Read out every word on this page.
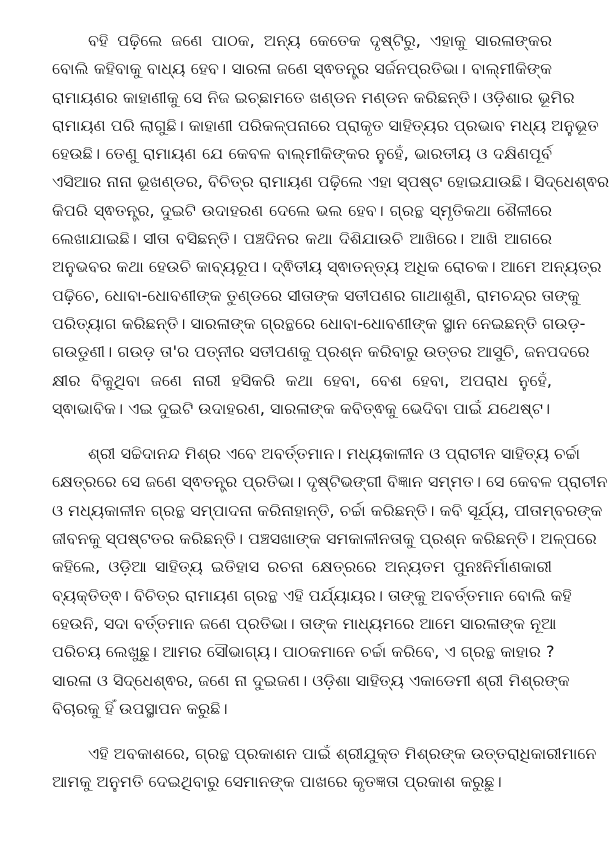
ବହି ପଢ଼ିଲେ ଜଣେ ପାଠକ, ଅନ୍ୟ କେତେକ ଦୃଷ୍ଟିରୁ, ଏହାକୁ ସାରଳାଙ୍କର
ବୋଲି କହିବାକୁ ବାଧ୍ୟ ହେବ। ସାରଳା ଜଣେ ସ୍ଵତନ୍ତ୍ର ସର୍ଜନପ୍ରତିଭା। ବାଲ୍ମୀକିଙ୍କ
ରାମାୟଣର କାହାଣୀକୁ ସେ ନିଜ ଇଚ୍ଛାମତେ ଖଣ୍ଡନ ମଣ୍ଡନ କରିଛନ୍ତି। ଓଡ଼ିଶାର ଭୂମିର
ରାମାୟଣ ପରି ଲାଗୁଛି। କାହାଣୀ ପରିକଳ୍ପନାରେ ପ୍ରାକୃତ ସାହିତ୍ୟର ପ୍ରଭାବ ମଧ୍ୟ ଅନୁଭୂତ
ହେଉଛି। ତେଣୁ ରାମାୟଣ ଯେ କେବଳ ବାଲ୍ମୀକିଙ୍କର ନୁହେଁ, ଭାରତୀୟ ଓ ଦକ୍ଷିଣପୂର୍ବ
ଏସିଆର ନାନା ଭୂଖଣ୍ଡର, ବିଚିତ୍ର ରାମାୟଣ ପଢ଼ିଲେ ଏହା ସ୍ପଷ୍ଟ ହୋଇଯାଉଛି। ସିଦ୍ଧେଶ୍ଵର
କିପରି ସ୍ଵତନ୍ତ୍ର, ଦୁଇଟି ଉଦାହରଣ ଦେଲେ ଭଲ ହେବ। ଗ୍ରନ୍ଥ ସ୍ମୃତିକଥା ଶୈଳୀରେ
ଲେଖାଯାଇଛି। ସୀତା ବସିଛନ୍ତି। ପଞ୍ଚଦିନର କଥା ଦିଶିଯାଉଚି ଆଖିରେ। ଆଖି ଆଗରେ
ଅନୁଭବର କଥା ହେଉଚି କାବ୍ୟରୂପ। ଦ୍ଵିତୀୟ ସ୍ଵାତନ୍ତ୍ୟ ଅଧିକ ରୋଚକ। ଆମେ ଅନ୍ୟତ୍ର
ପଢ଼ିଚେ, ଧୋବା-ଧୋବଣୀଙ୍କ ତୁଣ୍ଡରେ ସୀତାଙ୍କ ସତୀପଣର ଗାଥାଶୁଣି, ରାମଚନ୍ଦ୍ର ତାଙ୍କୁ
ପରିତ୍ୟାଗ କରିଛନ୍ତି। ସାରଳାଙ୍କ ଗ୍ରନ୍ଥରେ ଧୋବା-ଧୋବଣୀଙ୍କ ସ୍ଥାନ ନେଇଛନ୍ତି ଗଉଡ଼-
ଗଉଡୁଣୀ। ଗଉଡ଼ ତା'ର ପତ୍ନୀର ସତୀପଣକୁ ପ୍ରଶ୍ନ କରିବାରୁ ଉତ୍ତର ଆସୁଚି, ଜନପଦରେ
କ୍ଷୀର ବିକୁଥିବା ଜଣେ ନାରୀ ହସିକରି କଥା ହେବା, ବେଶ ହେବା, ଅପରାଧ ନୁହେଁ,
ସ୍ଵାଭାବିକ। ଏଇ ଦୁଇଟି ଉଦାହରଣ, ସାରଳାଙ୍କ କବିତ୍ଵକୁ ଭେଦିବା ପାଇଁ ଯଥେଷ୍ଟ।
ଶ୍ରୀ ସଚ୍ଚିଦାନନ୍ଦ ମିଶ୍ର ଏବେ ଅବର୍ତ୍ତମାନ। ମଧ୍ୟକାଳୀନ ଓ ପ୍ରାଚୀନ ସାହିତ୍ୟ ଚର୍ଚ୍ଚା
କ୍ଷେତ୍ରରେ ସେ ଜଣେ ସ୍ଵତନ୍ତ୍ର ପ୍ରତିଭା। ଦୃଷ୍ଟିଭଙ୍ଗୀ ବିଜ୍ଞାନ ସମ୍ମତ। ସେ କେବଳ ପ୍ରାଚୀନ
ଓ ମଧ୍ୟକାଳୀନ ଗ୍ରନ୍ଥ ସମ୍ପାଦନା କରିନାହାନ୍ତି, ଚର୍ଚ୍ଚା କରିଛନ୍ତି। କବି ସୂର୍ଯ୍ୟ, ପୀତାମ୍ବରଙ୍କ
ଜୀବନକୁ ସ୍ପଷ୍ଟତର କରିଛନ୍ତି। ପଞ୍ଚସଖାଙ୍କ ସମକାଳୀନତାକୁ ପ୍ରଶ୍ନ କରିଛନ୍ତି। ଅଳ୍ପରେ
କହିଲେ, ଓଡ଼ିଆ ସାହିତ୍ୟ ଇତିହାସ ରଚନା କ୍ଷେତ୍ରରେ ଅନ୍ୟତମ ପୁନଃନିର୍ମାଣକାରୀ
ବ୍ୟକ୍ତିତ୍ଵ। ବିଚିତ୍ର ରାମାୟଣ ଗ୍ରନ୍ଥ ଏହି ପର୍ଯ୍ୟାୟର। ତାଙ୍କୁ ଅବର୍ତ୍ତମାନ ବୋଲି କହି
ହେଉନି, ସଦା ବର୍ତ୍ତମାନ ଜଣେ ପ୍ରତିଭା। ତାଙ୍କ ମାଧ୍ୟମରେ ଆମେ ସାରଳାଙ୍କ ନୂଆ
ପରିଚୟ ଲେଖୁଛୁ। ଆମର ସୌଭାଗ୍ୟ। ପାଠକମାନେ ଚର୍ଚ୍ଚା କରିବେ, ଏ ଗ୍ରନ୍ଥ କାହାର ?
ସାରଳା ଓ ସିଦ୍ଧେଶ୍ଵର, ଜଣେ ନା ଦୁଇଜଣ। ଓଡ଼ିଶା ସାହିତ୍ୟ ଏକାଡେମୀ ଶ୍ରୀ ମିଶ୍ରଙ୍କ
ବିଚାରକୁ ହିଁ ଉପସ୍ଥାପନ କରୁଛି।
ଏହି ଅବକାଶରେ, ଗ୍ରନ୍ଥ ପ୍ରକାଶନ ପାଇଁ ଶ୍ରୀଯୁକ୍ତ ମିଶ୍ରଙ୍କ ଉତ୍ତରାଧିକାରୀମାନେ
ଆମକୁ ଅନୁମତି ଦେଇଥିବାରୁ ସେମାନଙ୍କ ପାଖରେ କୃତଜ୍ଞତା ପ୍ରକାଶ କରୁଛୁ।
